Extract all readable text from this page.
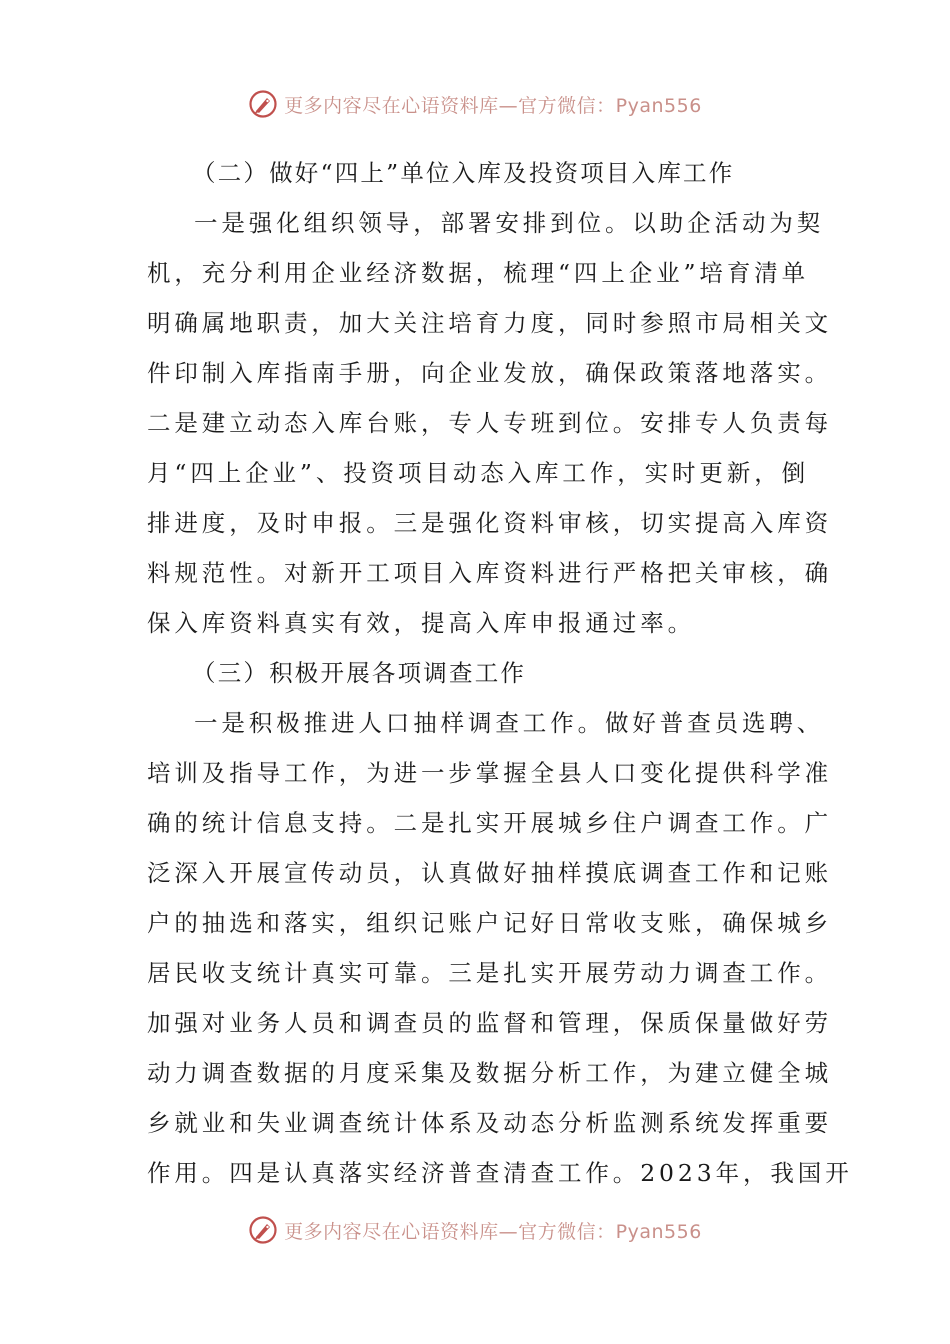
更多内容尽在心语资料库—官方微信：Pyan556
（二）做好“四上”单位入库及投资项目入库工作
一是强化组织领导，部署安排到位。以助企活动为契
机，充分利用企业经济数据，梳理“四上企业”培育清单
明确属地职责，加大关注培育力度，同时参照市局相关文
件印制入库指南手册，向企业发放，确保政策落地落实。
二是建立动态入库台账，专人专班到位。安排专人负责每
月“四上企业”、投资项目动态入库工作，实时更新，倒
排进度，及时申报。三是强化资料审核，切实提高入库资
料规范性。对新开工项目入库资料进行严格把关审核，确
保入库资料真实有效，提高入库申报通过率。
（三）积极开展各项调查工作
一是积极推进人口抽样调查工作。做好普查员选聘、
培训及指导工作，为进一步掌握全县人口变化提供科学准
确的统计信息支持。二是扎实开展城乡住户调查工作。广
泛深入开展宣传动员，认真做好抽样摸底调查工作和记账
户的抽选和落实，组织记账户记好日常收支账，确保城乡
居民收支统计真实可靠。三是扎实开展劳动力调查工作。
加强对业务人员和调查员的监督和管理，保质保量做好劳
动力调查数据的月度采集及数据分析工作，为建立健全城
乡就业和失业调查统计体系及动态分析监测系统发挥重要
作用。四是认真落实经济普查清查工作。2023年，我国开
更多内容尽在心语资料库—官方微信：Pyan556
